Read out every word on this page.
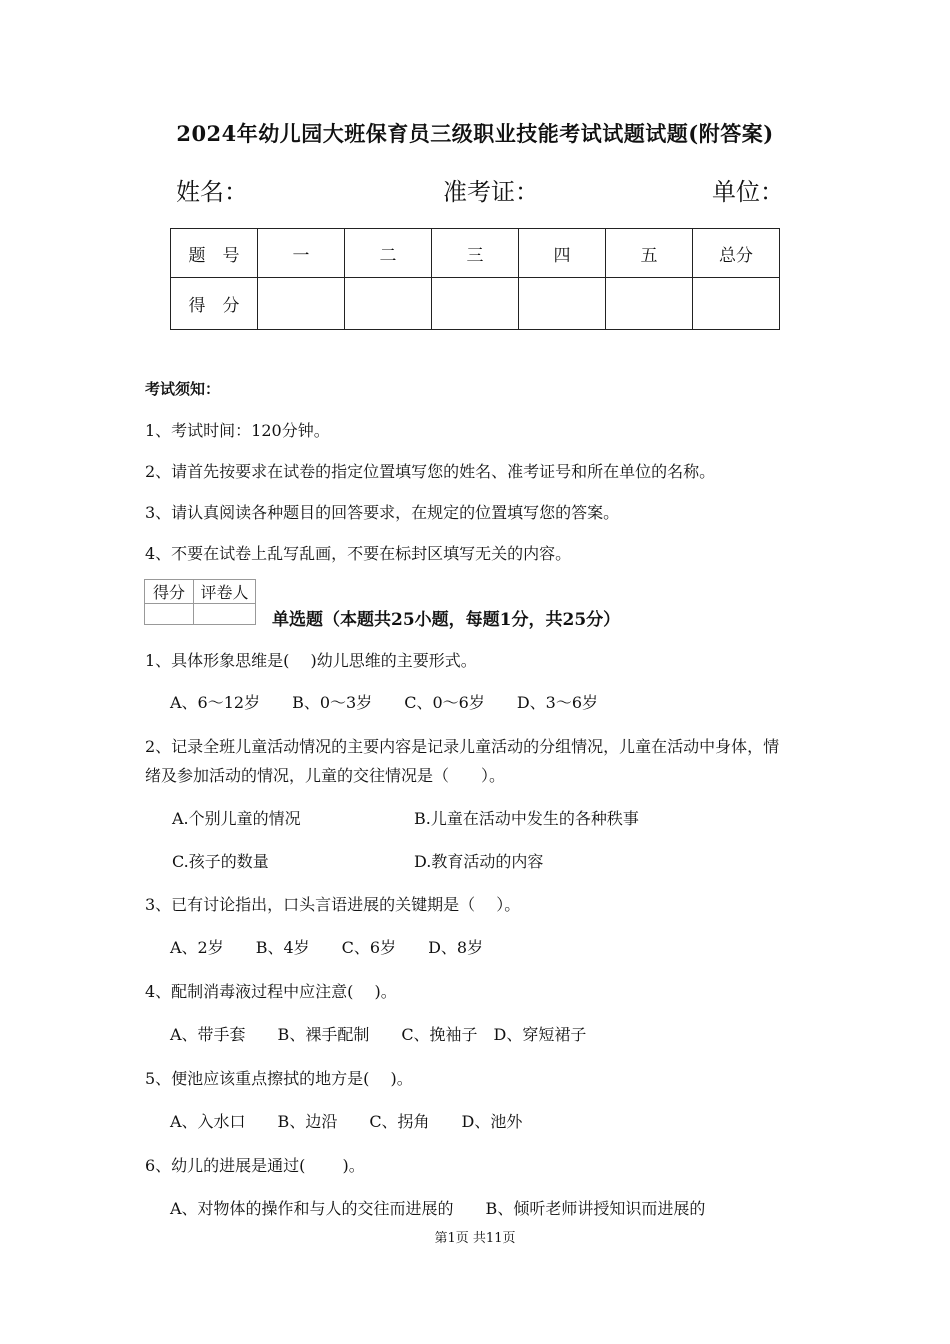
2024年幼儿园大班保育员三级职业技能考试试题试题(附答案)
姓名：	准考证：	单位：
题　号	一	二	三	四	五	总分
得　分						
考试须知：
1、考试时间：120分钟。
2、请首先按要求在试卷的指定位置填写您的姓名、准考证号和所在单位的名称。
3、请认真阅读各种题目的回答要求，在规定的位置填写您的答案。
4、不要在试卷上乱写乱画，不要在标封区填写无关的内容。
得分	评卷人

单选题（本题共25小题，每题1分，共25分）
1、具体形象思维是(　 )幼儿思维的主要形式。
A、6～12岁　　B、0～3岁　　C、0～6岁　　D、3～6岁
2、记录全班儿童活动情况的主要内容是记录儿童活动的分组情况，儿童在活动中身体，情
绪及参加活动的情况，儿童的交往情况是（　　）。
A.个别儿童的情况	B.儿童在活动中发生的各种秩事
C.孩子的数量	D.教育活动的内容
3、已有讨论指出，口头言语进展的关键期是（　 ）。
A、2岁　　B、4岁　　C、6岁　　D、8岁
4、配制消毒液过程中应注意(　 )。
A、带手套　　B、裸手配制　　C、挽袖子　D、穿短裙子
5、便池应该重点擦拭的地方是(　 )。
A、入水口　　B、边沿　　C、拐角　　D、池外
6、幼儿的进展是通过(　　 )。
A、对物体的操作和与人的交往而进展的　　B、倾听老师讲授知识而进展的
第1页 共11页
